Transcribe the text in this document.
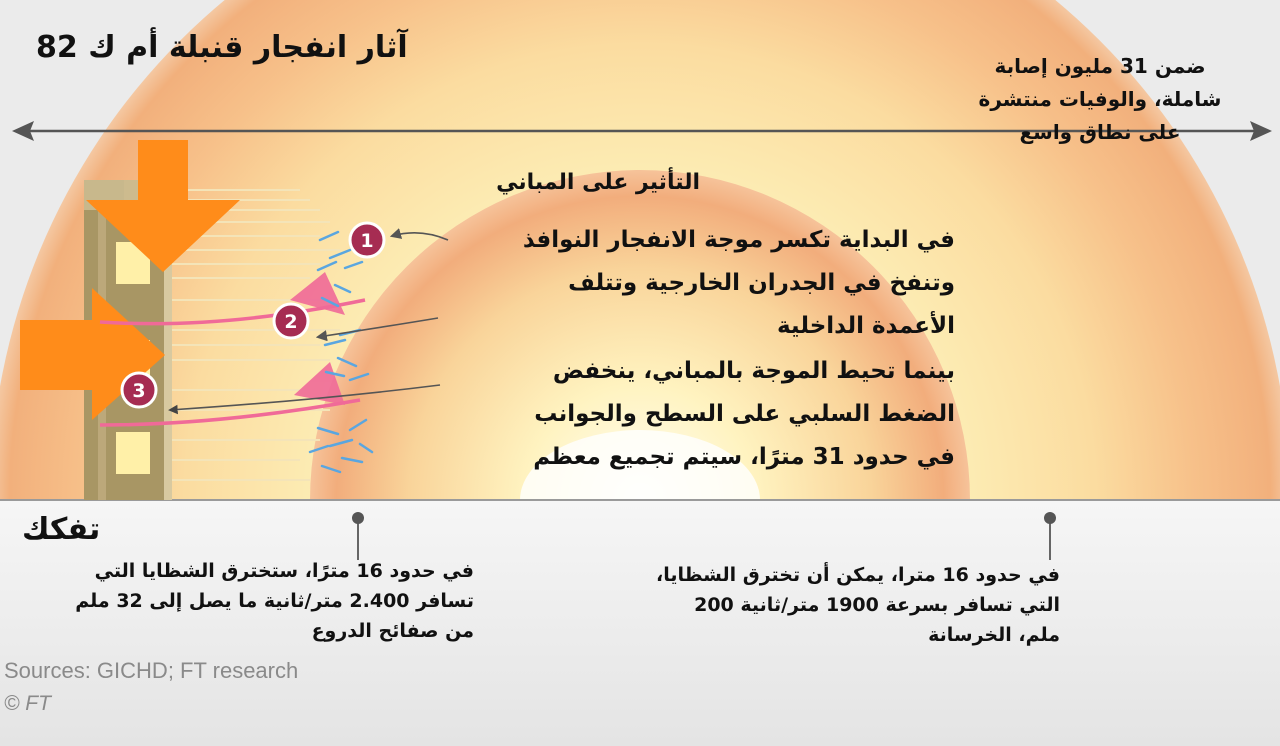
1
2
3
آثار انفجار قنبلة أم ك 82
ضمن 31 مليون إصابة
شاملة، والوفيات منتشرة
على نطاق واسع
التأثير على المباني
في البداية تكسر موجة الانفجار النوافذ
وتنفخ في الجدران الخارجية وتتلف
الأعمدة الداخلية
بينما تحيط الموجة بالمباني، ينخفض
الضغط السلبي على السطح والجوانب
في حدود 31 مترًا، سيتم تجميع معظم
تفكك
في حدود 16 مترًا، ستخترق الشظايا التي
تسافر 2.400 متر/ثانية ما يصل إلى 32 ملم
من صفائح الدروع
في حدود 16 مترا، يمكن أن تخترق الشظايا،
التي تسافر بسرعة 1900 متر/ثانية 200
ملم، الخرسانة
Sources: GICHD; FT research
© FT
